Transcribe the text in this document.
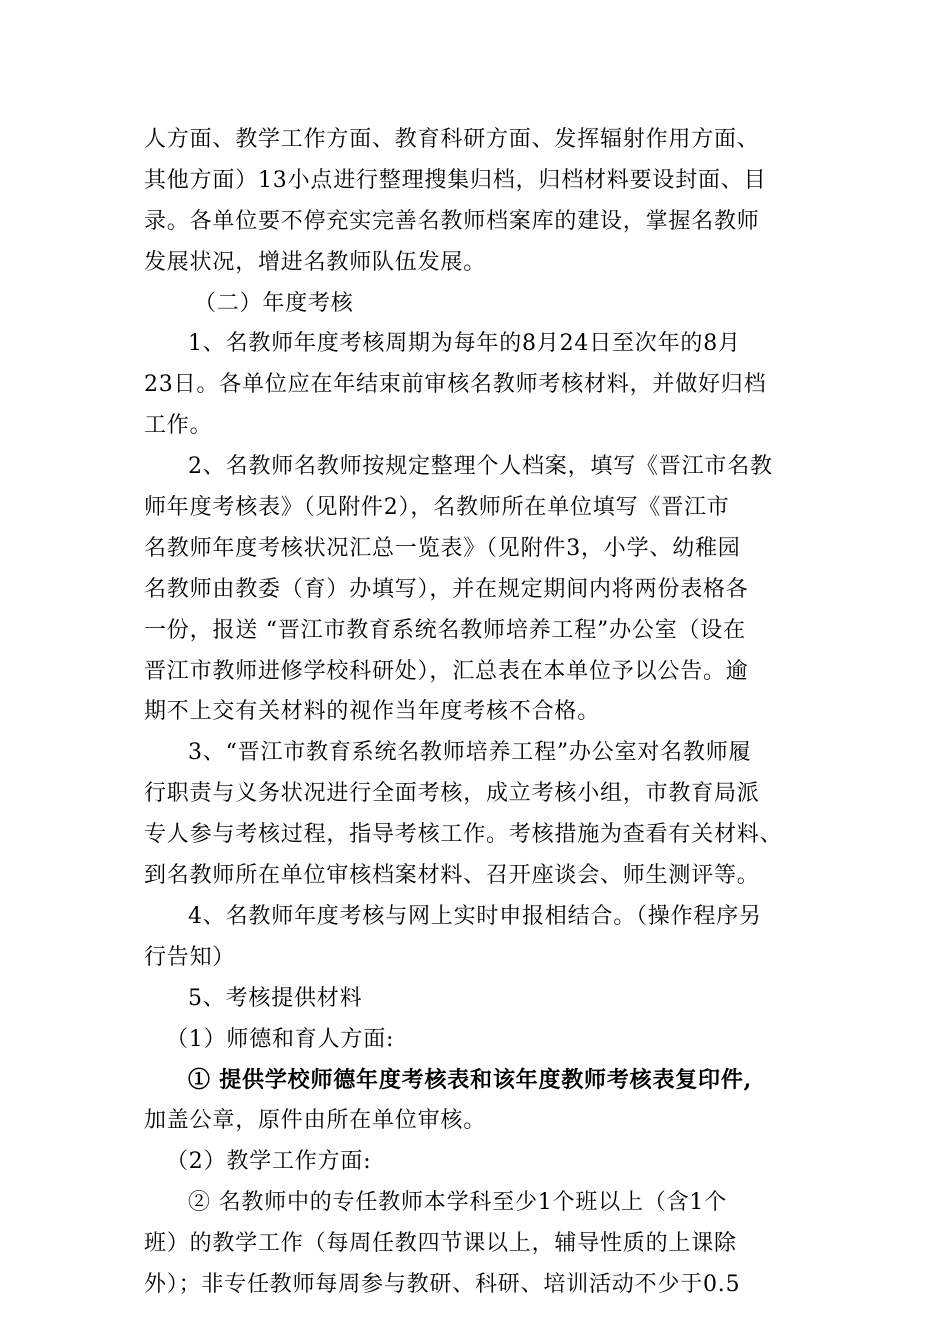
人方面、教学工作方面、教育科研方面、发挥辐射作用方面、
其他方面）13小点进行整理搜集归档，归档材料要设封面、目
录。各单位要不停充实完善名教师档案库的建设，掌握名教师
发展状况，增进名教师队伍发展。
（二）年度考核
1、名教师年度考核周期为每年的8月24日至次年的8月
23日。各单位应在年结束前审核名教师考核材料，并做好归档
工作。
2、名教师名教师按规定整理个人档案，填写《晋江市名教
师年度考核表》（见附件2），名教师所在单位填写《晋江市
名教师年度考核状况汇总一览表》（见附件3，小学、幼稚园
名教师由教委（育）办填写），并在规定期间内将两份表格各
一份，报送 “晋江市教育系统名教师培养工程”办公室（设在
晋江市教师进修学校科研处），汇总表在本单位予以公告。逾
期不上交有关材料的视作当年度考核不合格。
3、“晋江市教育系统名教师培养工程”办公室对名教师履
行职责与义务状况进行全面考核，成立考核小组，市教育局派
专人参与考核过程，指导考核工作。考核措施为查看有关材料、
到名教师所在单位审核档案材料、召开座谈会、师生测评等。
4、名教师年度考核与网上实时申报相结合。（操作程序另
行告知）
5、考核提供材料
（1）师德和育人方面:
① 提供学校师德年度考核表和该年度教师考核表复印件,
加盖公章，原件由所在单位审核。
（2）教学工作方面:
② 名教师中的专任教师本学科至少1个班以上（含1个
班）的教学工作（每周任教四节课以上，辅导性质的上课除
外）；非专任教师每周参与教研、科研、培训活动不少于0.5
